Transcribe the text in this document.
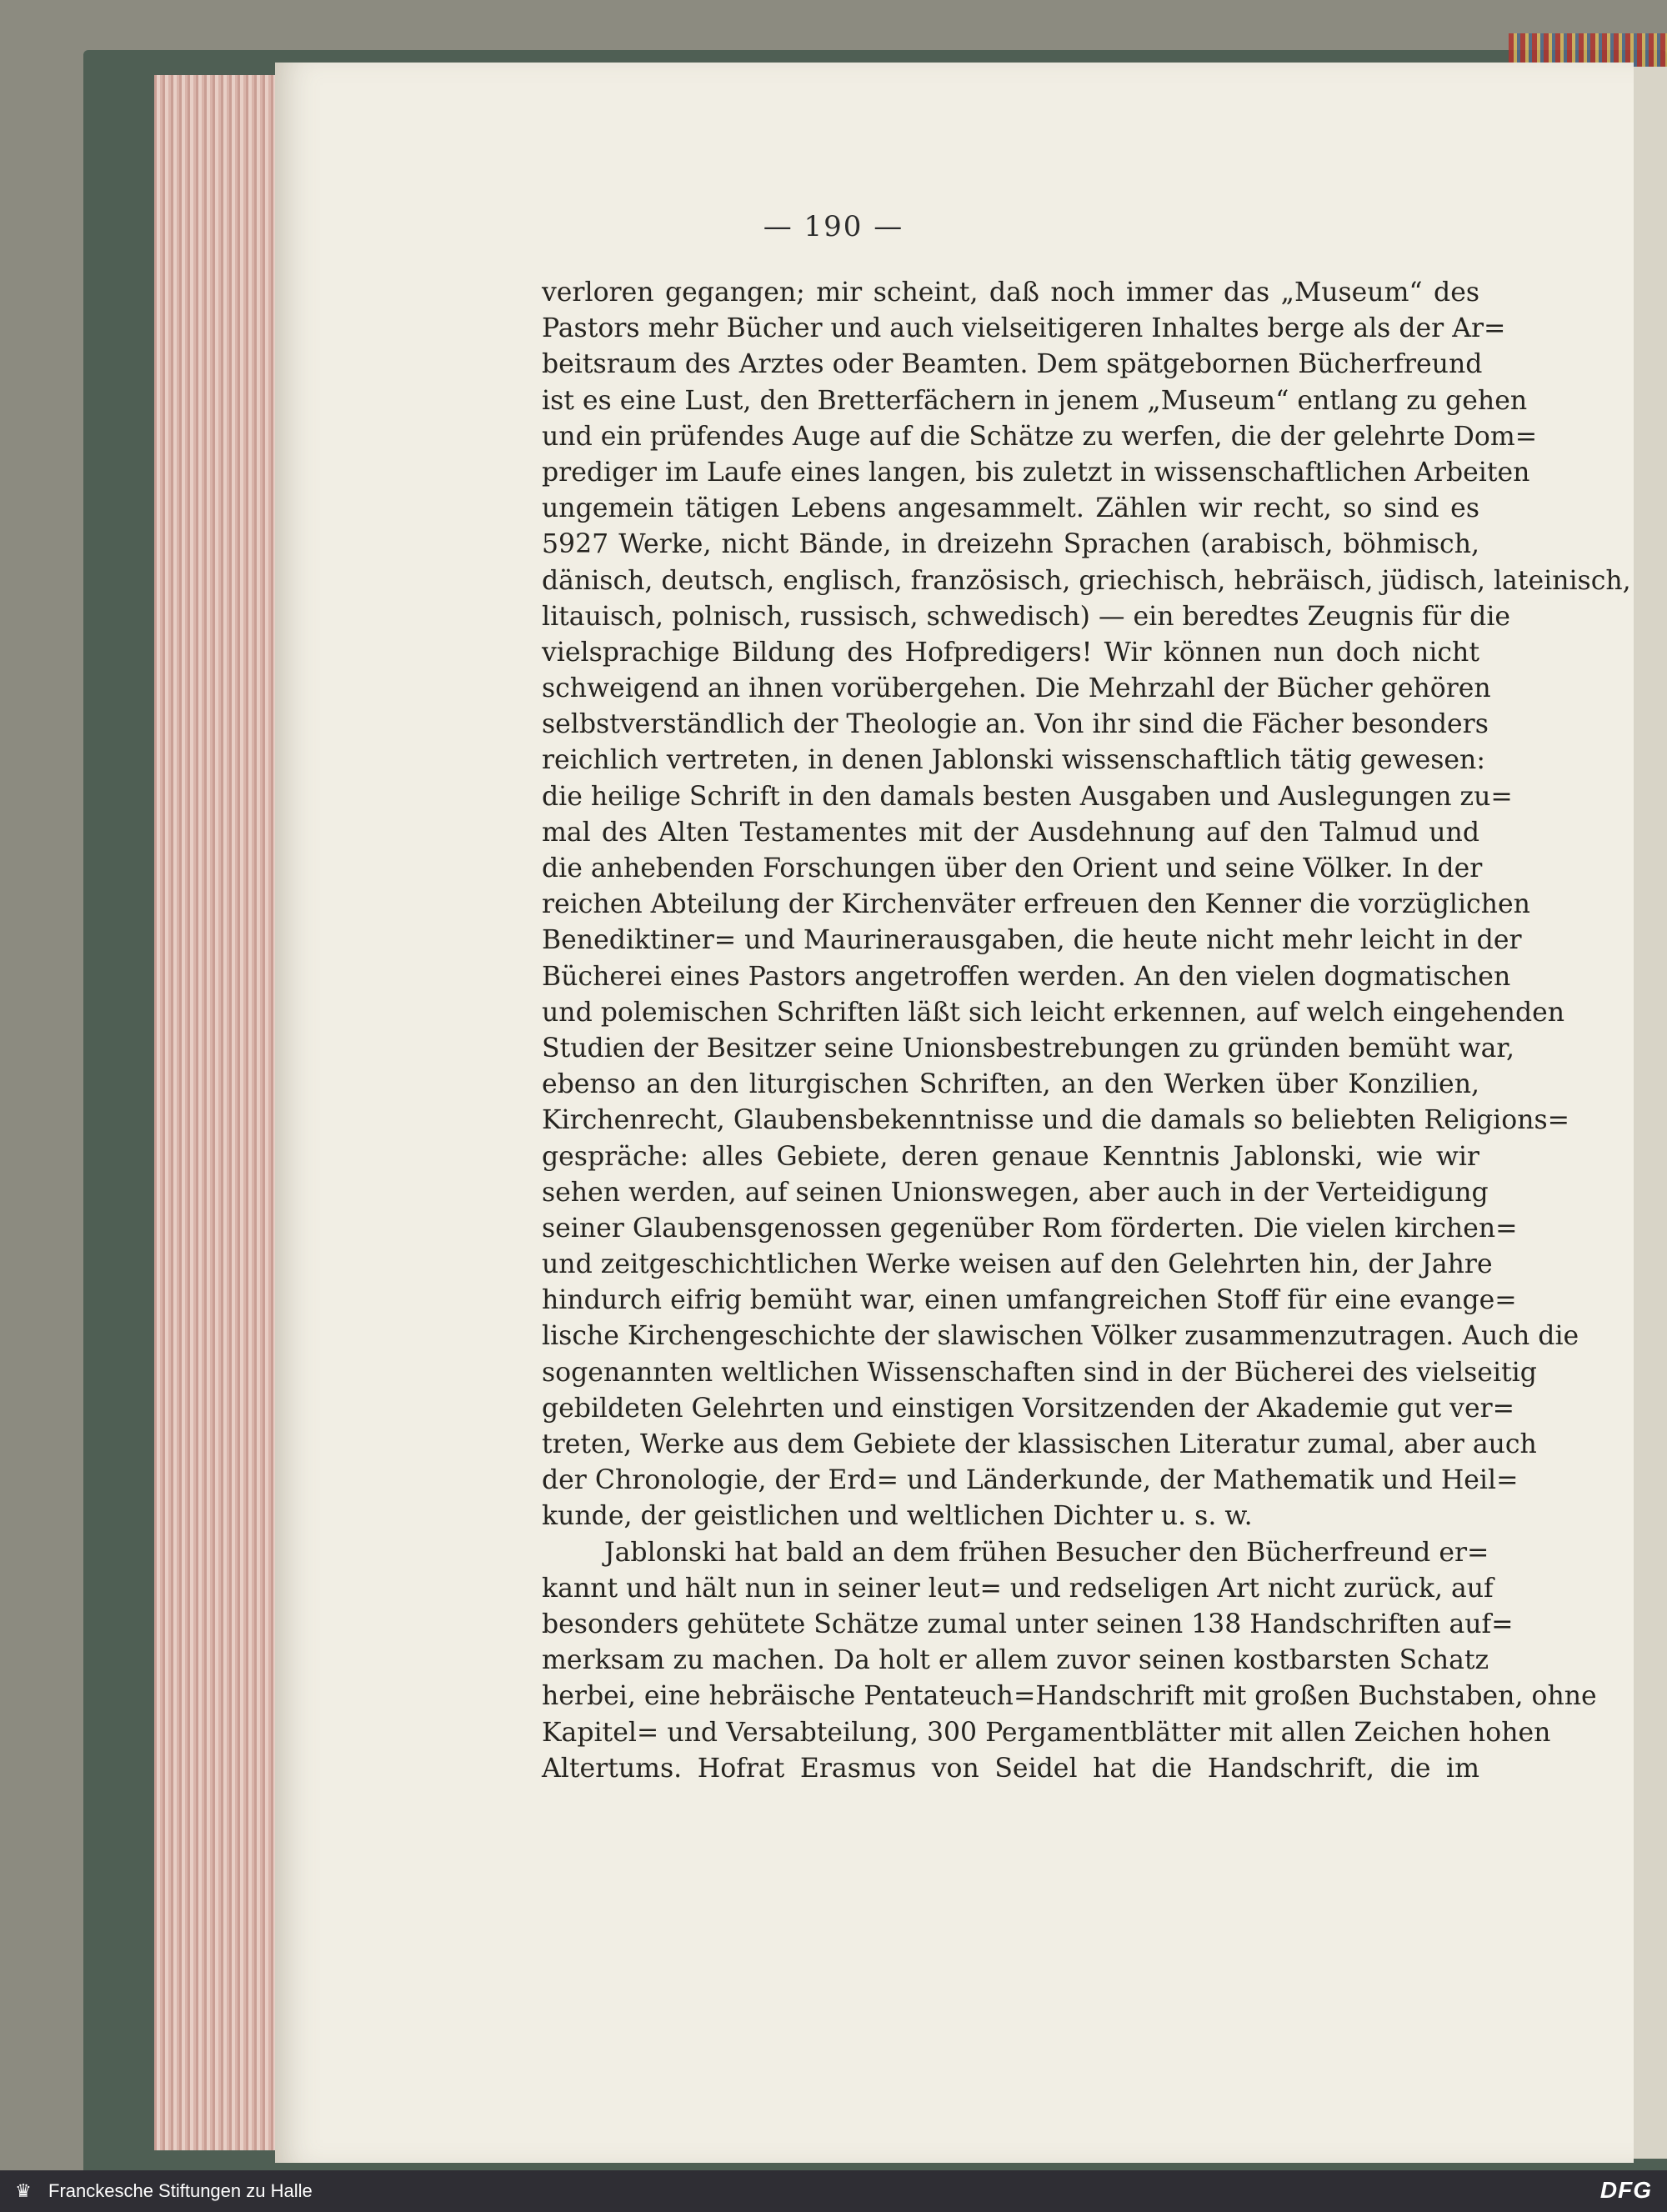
— 190 —
verloren gegangen; mir scheint, daß noch immer das „Museum“ des
Pastors mehr Bücher und auch vielseitigeren Inhaltes berge als der Ar=
beitsraum des Arztes oder Beamten. Dem spätgebornen Bücherfreund
ist es eine Lust, den Bretterfächern in jenem „Museum“ entlang zu gehen
und ein prüfendes Auge auf die Schätze zu werfen, die der gelehrte Dom=
prediger im Laufe eines langen, bis zuletzt in wissenschaftlichen Arbeiten
ungemein tätigen Lebens angesammelt. Zählen wir recht, so sind es
5927 Werke, nicht Bände, in dreizehn Sprachen (arabisch, böhmisch,
dänisch, deutsch, englisch, französisch, griechisch, hebräisch, jüdisch, lateinisch,
litauisch, polnisch, russisch, schwedisch) — ein beredtes Zeugnis für die
vielsprachige Bildung des Hofpredigers! Wir können nun doch nicht
schweigend an ihnen vorübergehen. Die Mehrzahl der Bücher gehören
selbstverständlich der Theologie an. Von ihr sind die Fächer besonders
reichlich vertreten, in denen Jablonski wissenschaftlich tätig gewesen:
die heilige Schrift in den damals besten Ausgaben und Auslegungen zu=
mal des Alten Testamentes mit der Ausdehnung auf den Talmud und
die anhebenden Forschungen über den Orient und seine Völker. In der
reichen Abteilung der Kirchenväter erfreuen den Kenner die vorzüglichen
Benediktiner= und Maurinerausgaben, die heute nicht mehr leicht in der
Bücherei eines Pastors angetroffen werden. An den vielen dogmatischen
und polemischen Schriften läßt sich leicht erkennen, auf welch eingehenden
Studien der Besitzer seine Unionsbestrebungen zu gründen bemüht war,
ebenso an den liturgischen Schriften, an den Werken über Konzilien,
Kirchenrecht, Glaubensbekenntnisse und die damals so beliebten Religions=
gespräche: alles Gebiete, deren genaue Kenntnis Jablonski, wie wir
sehen werden, auf seinen Unionswegen, aber auch in der Verteidigung
seiner Glaubensgenossen gegenüber Rom förderten. Die vielen kirchen=
und zeitgeschichtlichen Werke weisen auf den Gelehrten hin, der Jahre
hindurch eifrig bemüht war, einen umfangreichen Stoff für eine evange=
lische Kirchengeschichte der slawischen Völker zusammenzutragen. Auch die
sogenannten weltlichen Wissenschaften sind in der Bücherei des vielseitig
gebildeten Gelehrten und einstigen Vorsitzenden der Akademie gut ver=
treten, Werke aus dem Gebiete der klassischen Literatur zumal, aber auch
der Chronologie, der Erd= und Länderkunde, der Mathematik und Heil=
kunde, der geistlichen und weltlichen Dichter u. s. w.
Jablonski hat bald an dem frühen Besucher den Bücherfreund er=
kannt und hält nun in seiner leut= und redseligen Art nicht zurück, auf
besonders gehütete Schätze zumal unter seinen 138 Handschriften auf=
merksam zu machen. Da holt er allem zuvor seinen kostbarsten Schatz
herbei, eine hebräische Pentateuch=Handschrift mit großen Buchstaben, ohne
Kapitel= und Versabteilung, 300 Pergamentblätter mit allen Zeichen hohen
Altertums. Hofrat Erasmus von Seidel hat die Handschrift, die im
♛ Franckesche Stiftungen zu Halle	DFG
